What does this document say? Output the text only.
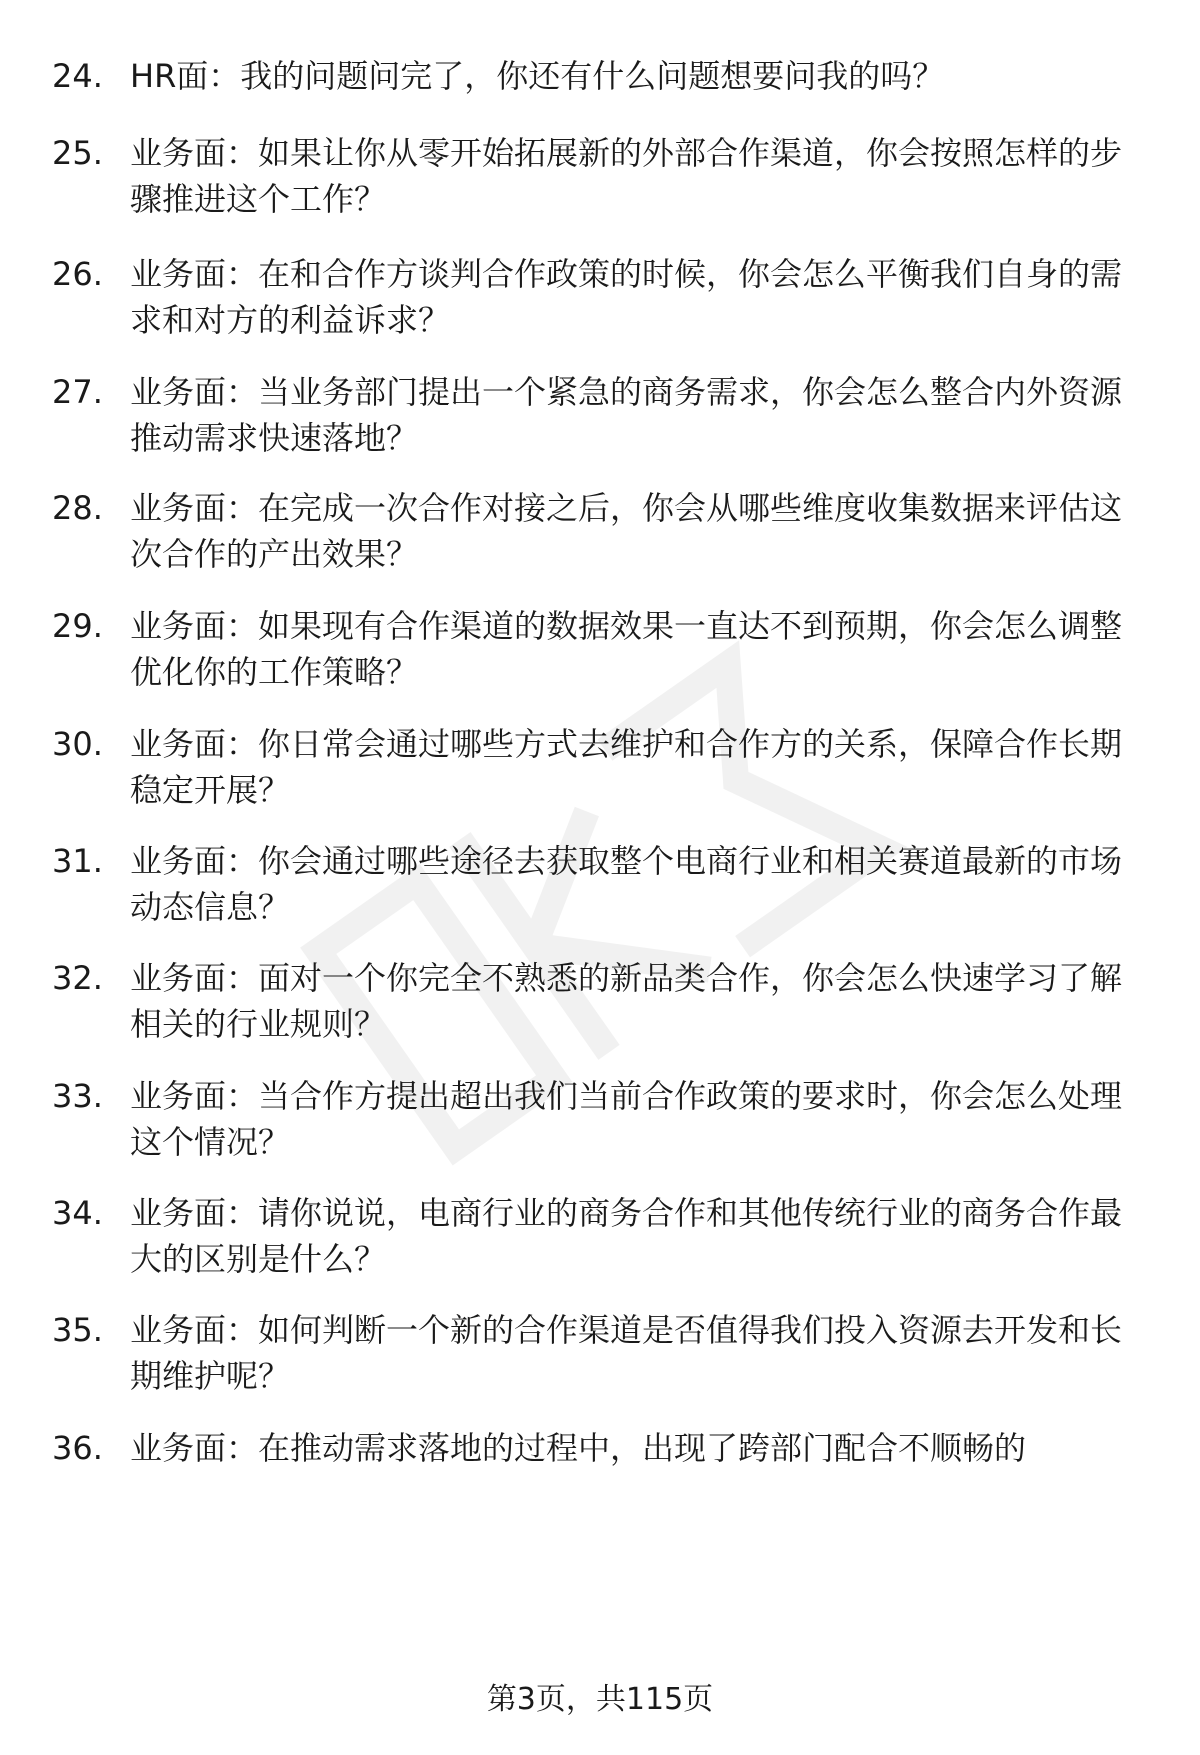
24. HR面：我的问题问完了，你还有什么问题想要问我的吗？
25. 业务面：如果让你从零开始拓展新的外部合作渠道，你会按照怎样的步骤推进这个工作？
26. 业务面：在和合作方谈判合作政策的时候，你会怎么平衡我们自身的需求和对方的利益诉求？
27. 业务面：当业务部门提出一个紧急的商务需求，你会怎么整合内外资源推动需求快速落地？
28. 业务面：在完成一次合作对接之后，你会从哪些维度收集数据来评估这次合作的产出效果？
29. 业务面：如果现有合作渠道的数据效果一直达不到预期，你会怎么调整优化你的工作策略？
30. 业务面：你日常会通过哪些方式去维护和合作方的关系，保障合作长期稳定开展？
31. 业务面：你会通过哪些途径去获取整个电商行业和相关赛道最新的市场动态信息？
32. 业务面：面对一个你完全不熟悉的新品类合作，你会怎么快速学习了解相关的行业规则？
33. 业务面：当合作方提出超出我们当前合作政策的要求时，你会怎么处理这个情况？
34. 业务面：请你说说，电商行业的商务合作和其他传统行业的商务合作最大的区别是什么？
35. 业务面：如何判断一个新的合作渠道是否值得我们投入资源去开发和长期维护呢？
36. 业务面：在推动需求落地的过程中，出现了跨部门配合不顺畅的
第3页，共115页
